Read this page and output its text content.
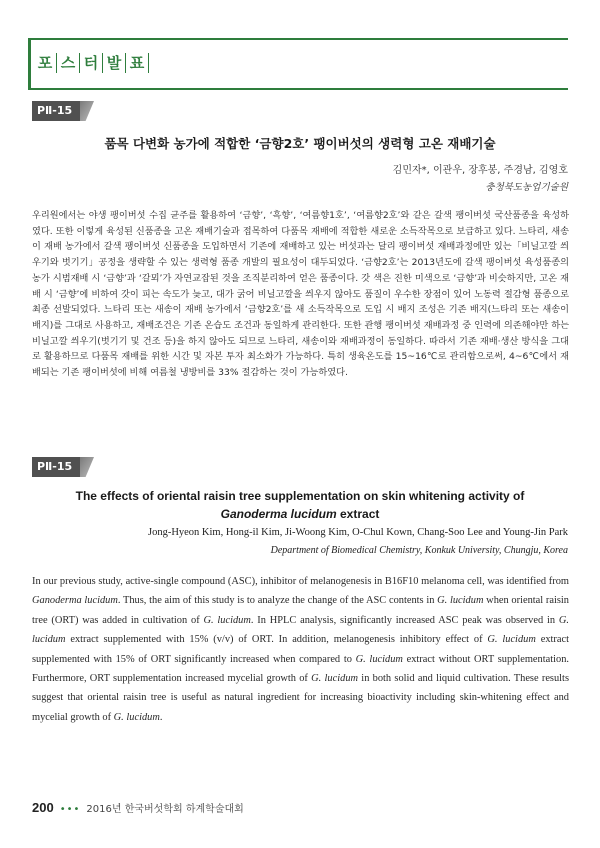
포 스 터 발 표
PⅡ-15
품목 다변화 농가에 적합한 ‘금향2호’ 팽이버섯의 생력형 고온 재배기술
김민자*, 이관우, 장후봉, 주경남, 김영호
충청북도농업기술원

우리원에서는 야생 팽이버섯 수집 균주를 활용하여 ‘금향’, ‘흑향’, ‘여름향1호’, ‘여름향2호’와 같은 갈색 팽이버섯 국산품종을 육성하였다. 또한 이렇게 육성된 신품종을 고온 재배기술과 접목하여 다품목 재배에 적합한 새로운 소득작목으로 보급하고 있다. 느타리, 새송이 재배 농가에서 갈색 팽이버섯 신품종을 도입하면서 기존에 재배하고 있는 버섯과는 달리 팽이버섯 재배과정에만 있는「비닐고깔 씌우기와 벗기기」공정을 생략할 수 있는 생력형 품종 개발의 필요성이 대두되었다. ‘금향2호’는 2013년도에 갈색 팽이버섯 육성품종의 농가 시범재배 시 ‘금향’과 ‘갈뫼’가 자연교잡된 것을 조직분리하여 얻은 품종이다. 갓 색은 진한 미색으로 ‘금향’과 비슷하지만, 고온 재배 시 ‘금향’에 비하여 갓이 피는 속도가 늦고, 대가 굵어 비닐고깔을 씌우지 않아도 품질이 우수한 장점이 있어 노동력 절감형 품종으로 최종 선발되었다. 느타리 또는 새송이 재배 농가에서 ‘금향2호’를 새 소득작목으로 도입 시 배지 조성은 기존 배지(느타리 또는 새송이 배지)를 그대로 사용하고, 재배조건은 기존 온습도 조건과 동일하게 관리한다. 또한 관행 팽이버섯 재배과정 중 인력에 의존해야만 하는 비닐고깔 씌우기(벗기기 및 건조 등)을 하지 않아도 되므로 느타리, 새송이와 재배과정이 동일하다. 따라서 기존 재배·생산 방식을 그대로 활용하므로 다품목 재배를 위한 시간 및 자본 투자 최소화가 가능하다. 특히 생육온도를 15~16℃로 관리함으로써, 4~6℃에서 재배되는 기존 팽이버섯에 비해 여름철 냉방비를 33% 절감하는 것이 가능하였다.

PⅡ-15
The effects of oriental raisin tree supplementation on skin whitening activity of
Ganoderma lucidum extract
Jong-Hyeon Kim, Hong-il Kim, Ji-Woong Kim, O-Chul Kown, Chang-Soo Lee and Young-Jin Park
Department of Biomedical Chemistry, Konkuk University, Chungju, Korea

In our previous study, active-single compound (ASC), inhibitor of melanogenesis in B16F10 melanoma cell, was identified from Ganoderma lucidum. Thus, the aim of this study is to analyze the change of the ASC contents in G. lucidum when oriental raisin tree (ORT) was added in cultivation of G. lucidum. In HPLC analysis, significantly increased ASC peak was observed in G. lucidum extract supplemented with 15% (v/v) of ORT. In addition, melanogenesis inhibitory effect of G. lucidum extract supplemented with 15% of ORT significantly increased when compared to G. lucidum extract without ORT supplementation. Furthermore, ORT supplementation increased mycelial growth of G. lucidum in both solid and liquid cultivation. These results suggest that oriental raisin tree is useful as natural ingredient for increasing bioactivity including skin-whitening effect and mycelial growth of G. lucidum.

200 ••• 2016년 한국버섯학회 하계학술대회
